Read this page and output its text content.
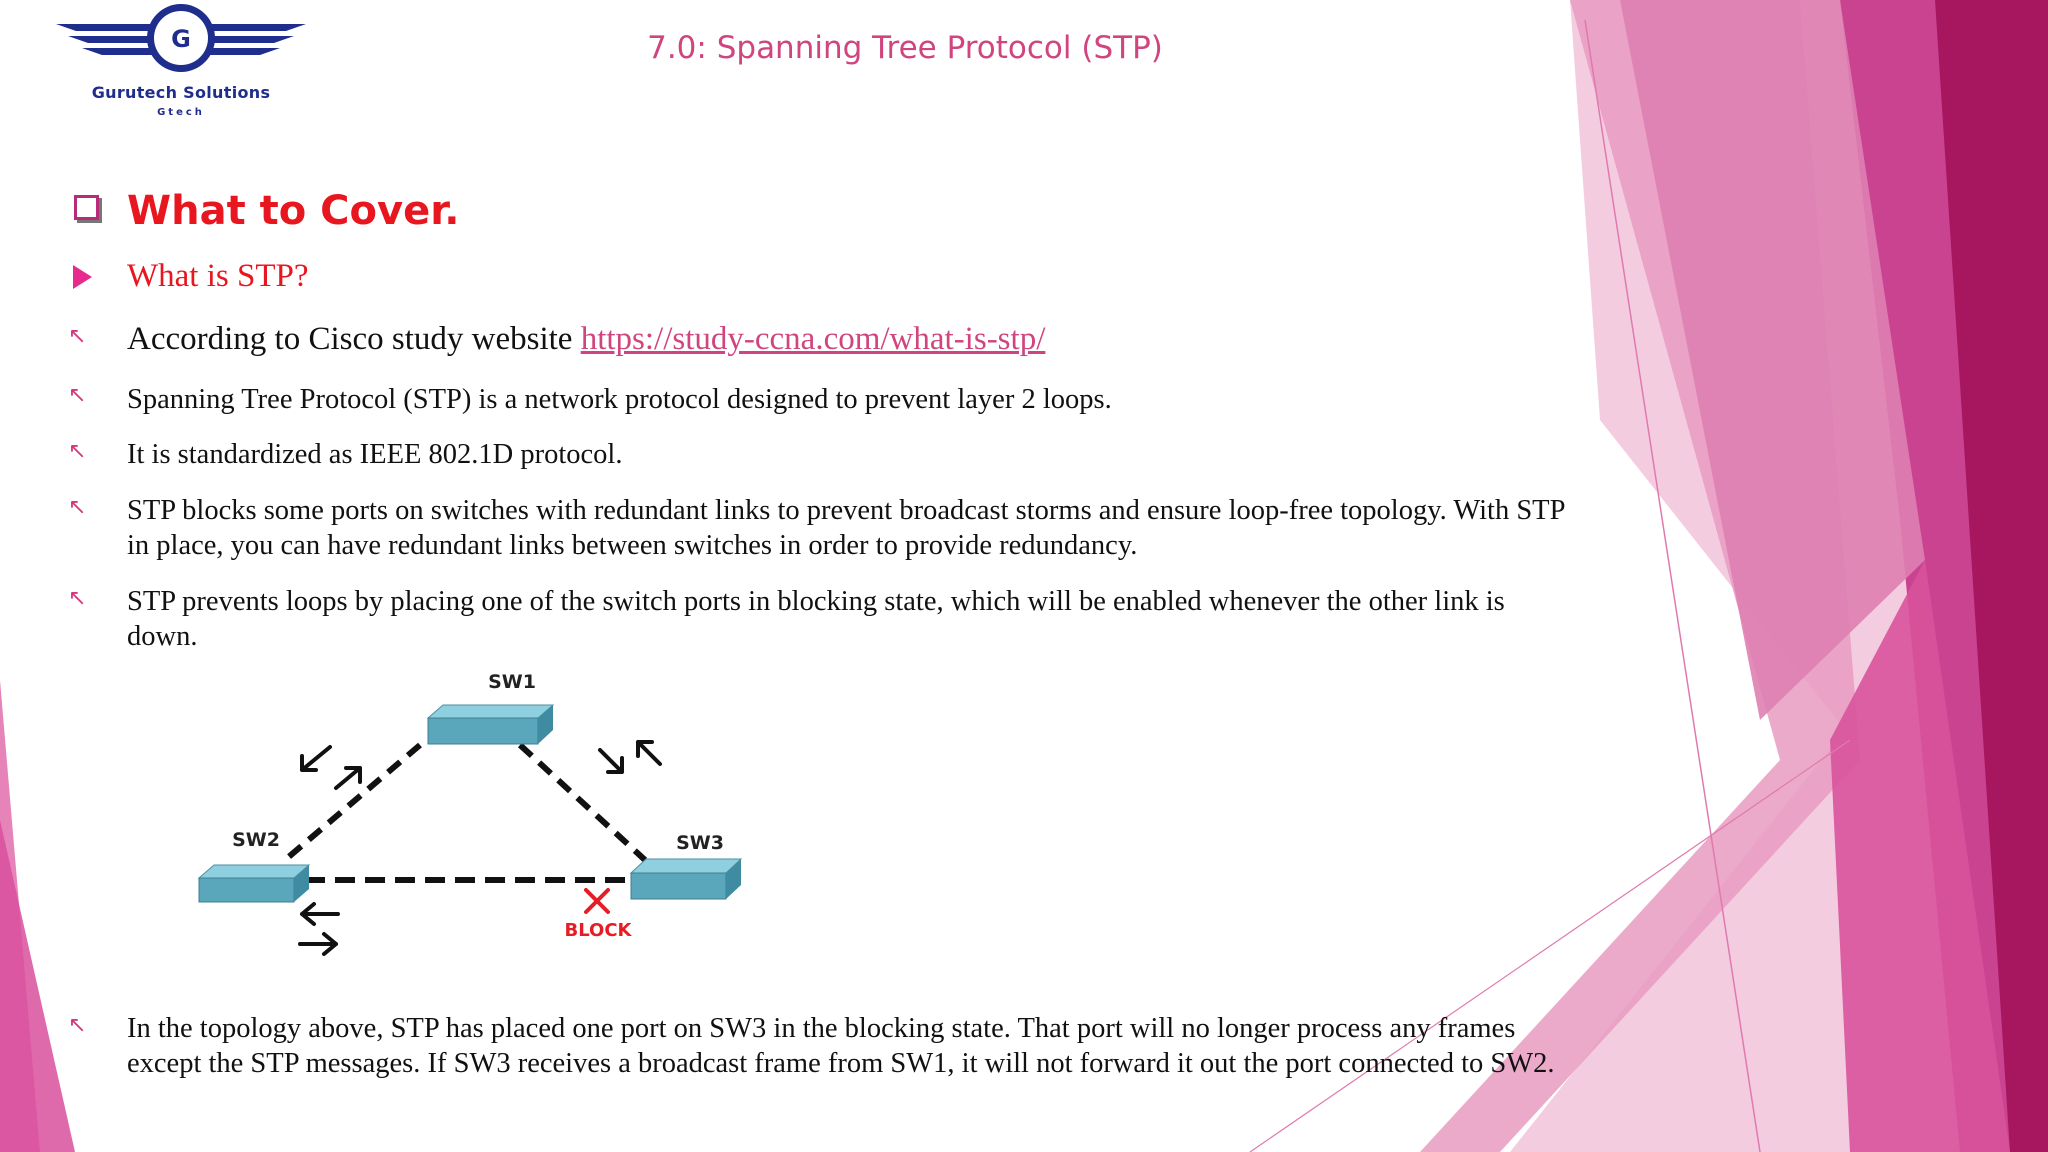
G
Gurutech Solutions
Gtech
7.0: Spanning Tree Protocol (STP)
What to Cover.
What is STP?
↖ According to Cisco study website https://study-ccna.com/what-is-stp/
↖ Spanning Tree Protocol (STP) is a network protocol designed to prevent layer 2 loops.
↖ It is standardized as IEEE 802.1D protocol.
↖ STP blocks some ports on switches with redundant links to prevent broadcast storms and ensure loop-free topology. With STP in place, you can have redundant links between switches in order to provide redundancy.
↖ STP prevents loops by placing one of the switch ports in blocking state, which will be enabled whenever the other link is down.
SW1
SW2	SW3
BLOCK
↖ In the topology above, STP has placed one port on SW3 in the blocking state. That port will no longer process any frames except the STP messages. If SW3 receives a broadcast frame from SW1, it will not forward it out the port connected to SW2.
